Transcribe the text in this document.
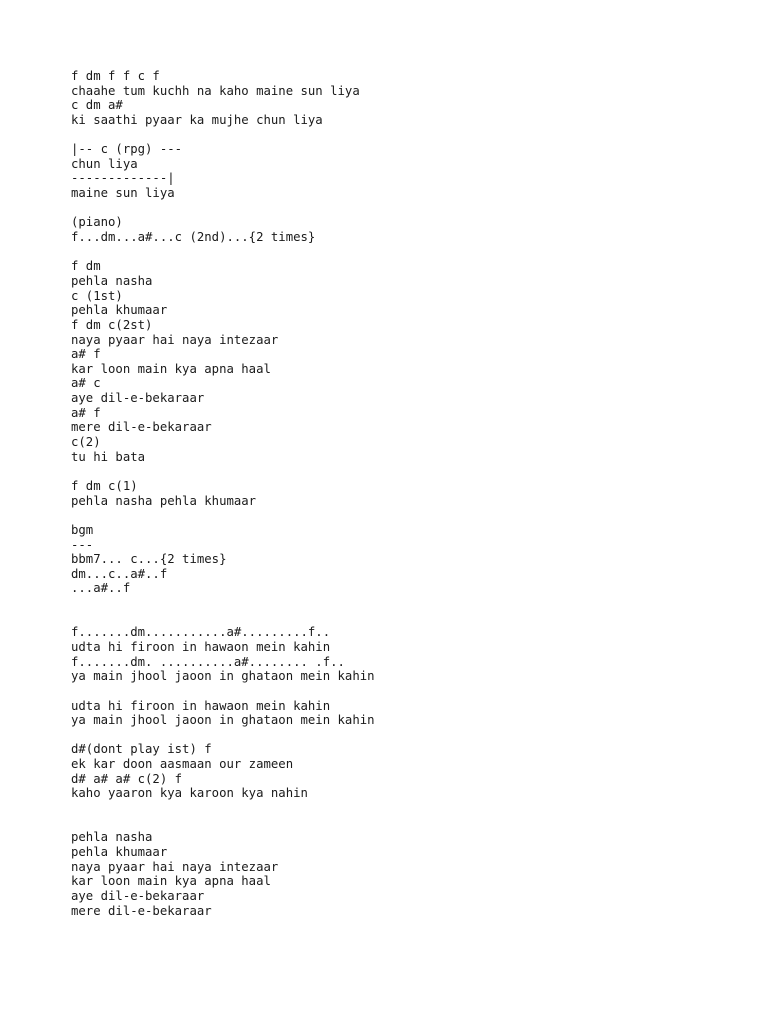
f dm f f c f
chaahe tum kuchh na kaho maine sun liya
c dm a#
ki saathi pyaar ka mujhe chun liya
|-- c (rpg) ---
chun liya
-------------|
maine sun liya
(piano)
f...dm...a#...c (2nd)...{2 times}
f dm
pehla nasha
c (1st)
pehla khumaar
f dm c(2st)
naya pyaar hai naya intezaar
a# f
kar loon main kya apna haal
a# c
aye dil-e-bekaraar
a# f
mere dil-e-bekaraar
c(2)
tu hi bata
f dm c(1)
pehla nasha pehla khumaar
bgm
---
bbm7... c...{2 times}
dm...c..a#..f
...a#..f
f.......dm...........a#.........f..
udta hi firoon in hawaon mein kahin
f.......dm. ..........a#........ .f..
ya main jhool jaoon in ghataon mein kahin
udta hi firoon in hawaon mein kahin
ya main jhool jaoon in ghataon mein kahin
d#(dont play ist) f
ek kar doon aasmaan our zameen
d# a# a# c(2) f
kaho yaaron kya karoon kya nahin
pehla nasha
pehla khumaar
naya pyaar hai naya intezaar
kar loon main kya apna haal
aye dil-e-bekaraar
mere dil-e-bekaraar
